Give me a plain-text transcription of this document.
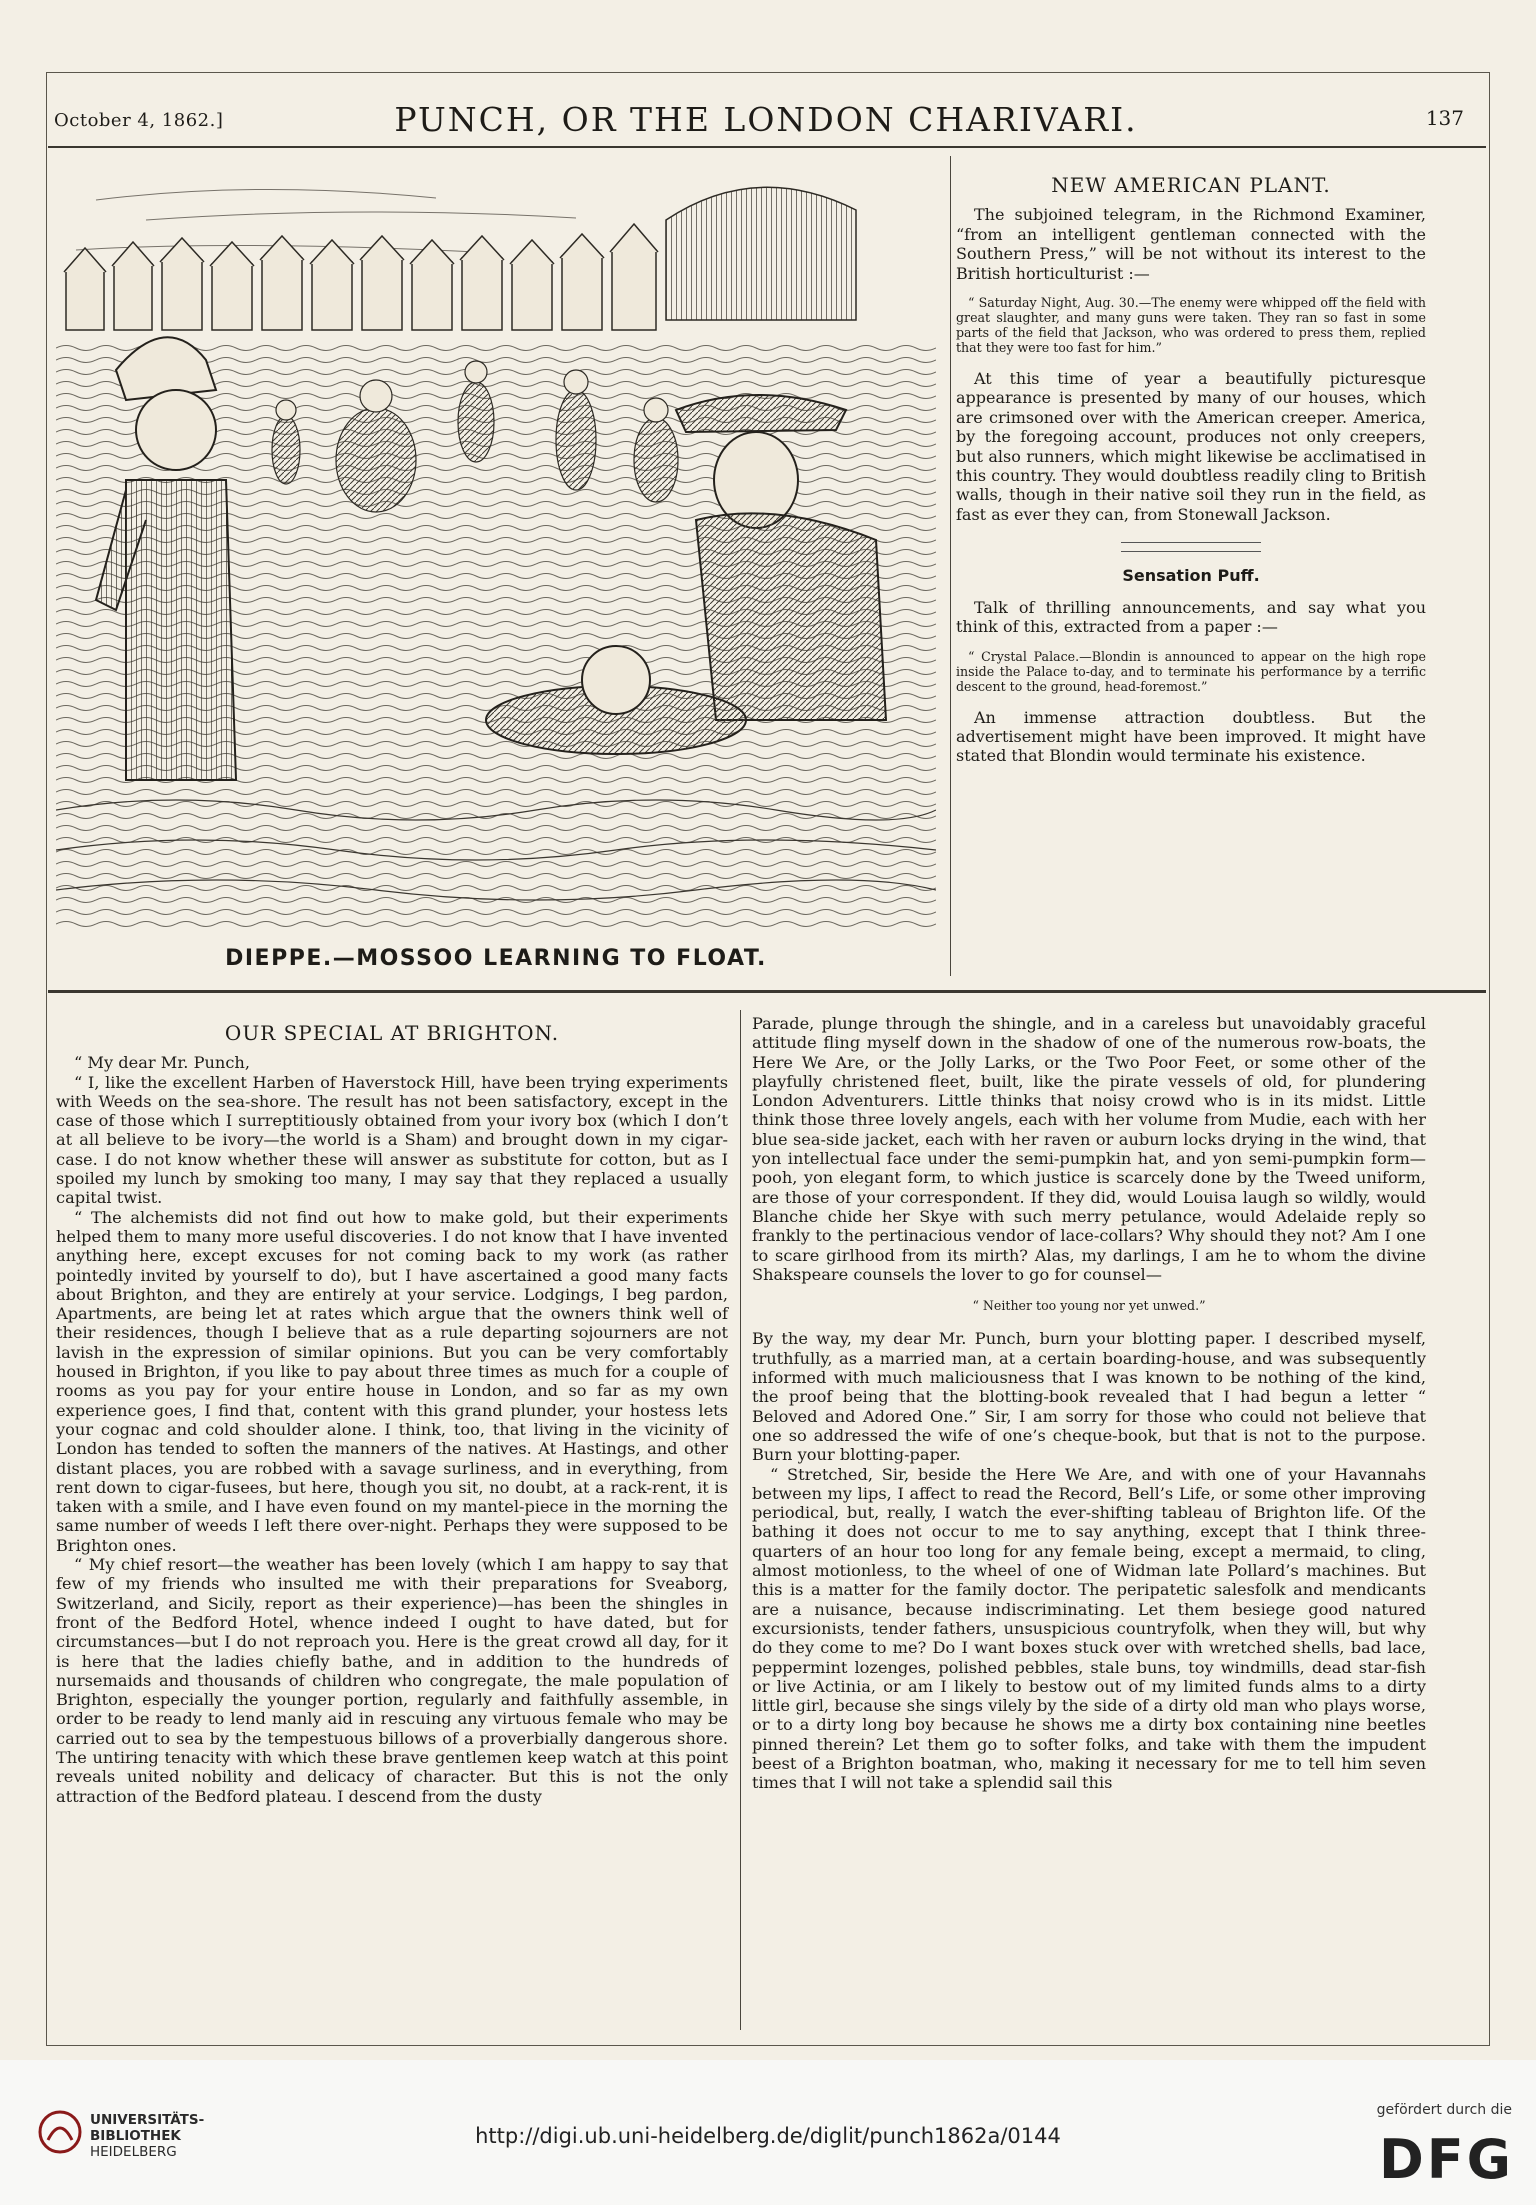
October 4, 1862.]	PUNCH, OR THE LONDON CHARIVARI.	137
DIEPPE.—MOSSOO LEARNING TO FLOAT.

NEW AMERICAN PLANT.

The subjoined telegram, in the Richmond Examiner, “from an intelligent gentleman connected with the Southern Press,” will be not without its interest to the British horticulturist :—

“ Saturday Night, Aug. 30.—The enemy were whipped off the field with great slaughter, and many guns were taken. They ran so fast in some parts of the field that Jackson, who was ordered to press them, replied that they were too fast for him.”

At this time of year a beautifully picturesque appearance is presented by many of our houses, which are crimsoned over with the American creeper. America, by the foregoing account, produces not only creepers, but also runners, which might likewise be acclimatised in this country. They would doubtless readily cling to British walls, though in their native soil they run in the field, as fast as ever they can, from Stonewall Jackson.

Sensation Puff.

Talk of thrilling announcements, and say what you think of this, extracted from a paper :—

“ Crystal Palace.—Blondin is announced to appear on the high rope inside the Palace to-day, and to terminate his performance by a terrific descent to the ground, head-foremost.”

An immense attraction doubtless. But the advertisement might have been improved. It might have stated that Blondin would terminate his existence.

OUR SPECIAL AT BRIGHTON.

“ My dear Mr. Punch,

“ I, like the excellent Harben of Haverstock Hill, have been trying experiments with Weeds on the sea-shore. The result has not been satisfactory, except in the case of those which I surreptitiously obtained from your ivory box (which I don’t at all believe to be ivory—the world is a Sham) and brought down in my cigar-case. I do not know whether these will answer as substitute for cotton, but as I spoiled my lunch by smoking too many, I may say that they replaced a usually capital twist.

“ The alchemists did not find out how to make gold, but their experiments helped them to many more useful discoveries. I do not know that I have invented anything here, except excuses for not coming back to my work (as rather pointedly invited by yourself to do), but I have ascertained a good many facts about Brighton, and they are entirely at your service. Lodgings, I beg pardon, Apartments, are being let at rates which argue that the owners think well of their residences, though I believe that as a rule departing sojourners are not lavish in the expression of similar opinions. But you can be very comfortably housed in Brighton, if you like to pay about three times as much for a couple of rooms as you pay for your entire house in London, and so far as my own experience goes, I find that, content with this grand plunder, your hostess lets your cognac and cold shoulder alone. I think, too, that living in the vicinity of London has tended to soften the manners of the natives. At Hastings, and other distant places, you are robbed with a savage surliness, and in everything, from rent down to cigar-fusees, but here, though you sit, no doubt, at a rack-rent, it is taken with a smile, and I have even found on my mantel-piece in the morning the same number of weeds I left there over-night. Perhaps they were supposed to be Brighton ones.

“ My chief resort—the weather has been lovely (which I am happy to say that few of my friends who insulted me with their preparations for Sveaborg, Switzerland, and Sicily, report as their experience)—has been the shingles in front of the Bedford Hotel, whence indeed I ought to have dated, but for circumstances—but I do not reproach you. Here is the great crowd all day, for it is here that the ladies chiefly bathe, and in addition to the hundreds of nursemaids and thousands of children who congregate, the male population of Brighton, especially the younger portion, regularly and faithfully assemble, in order to be ready to lend manly aid in rescuing any virtuous female who may be carried out to sea by the tempestuous billows of a proverbially dangerous shore. The untiring tenacity with which these brave gentlemen keep watch at this point reveals united nobility and delicacy of character. But this is not the only attraction of the Bedford plateau. I descend from the dusty

Parade, plunge through the shingle, and in a careless but unavoidably graceful attitude fling myself down in the shadow of one of the numerous row-boats, the Here We Are, or the Jolly Larks, or the Two Poor Feet, or some other of the playfully christened fleet, built, like the pirate vessels of old, for plundering London Adventurers. Little thinks that noisy crowd who is in its midst. Little think those three lovely angels, each with her volume from Mudie, each with her blue sea-side jacket, each with her raven or auburn locks drying in the wind, that yon intellectual face under the semi-pumpkin hat, and yon semi-pumpkin form—pooh, yon elegant form, to which justice is scarcely done by the Tweed uniform, are those of your correspondent. If they did, would Louisa laugh so wildly, would Blanche chide her Skye with such merry petulance, would Adelaide reply so frankly to the pertinacious vendor of lace-collars? Why should they not? Am I one to scare girlhood from its mirth? Alas, my darlings, I am he to whom the divine Shakspeare counsels the lover to go for counsel—

“ Neither too young nor yet unwed.”

By the way, my dear Mr. Punch, burn your blotting paper. I described myself, truthfully, as a married man, at a certain boarding-house, and was subsequently informed with much maliciousness that I was known to be nothing of the kind, the proof being that the blotting-book revealed that I had begun a letter “ Beloved and Adored One.” Sir, I am sorry for those who could not believe that one so addressed the wife of one’s cheque-book, but that is not to the purpose. Burn your blotting-paper.

“ Stretched, Sir, beside the Here We Are, and with one of your Havannahs between my lips, I affect to read the Record, Bell’s Life, or some other improving periodical, but, really, I watch the ever-shifting tableau of Brighton life. Of the bathing it does not occur to me to say anything, except that I think three-quarters of an hour too long for any female being, except a mermaid, to cling, almost motionless, to the wheel of one of Widman late Pollard’s machines. But this is a matter for the family doctor. The peripatetic salesfolk and mendicants are a nuisance, because indiscriminating. Let them besiege good natured excursionists, tender fathers, unsuspicious countryfolk, when they will, but why do they come to me? Do I want boxes stuck over with wretched shells, bad lace, peppermint lozenges, polished pebbles, stale buns, toy windmills, dead star-fish or live Actinia, or am I likely to bestow out of my limited funds alms to a dirty little girl, because she sings vilely by the side of a dirty old man who plays worse, or to a dirty long boy because he shows me a dirty box containing nine beetles pinned therein? Let them go to softer folks, and take with them the impudent beest of a Brighton boatman, who, making it necessary for me to tell him seven times that I will not take a splendid sail this

UNIVERSITÄTS-
BIBLIOTHEK
HEIDELBERG
http://digi.ub.uni-heidelberg.de/diglit/punch1862a/0144
gefördert durch die
DFG
